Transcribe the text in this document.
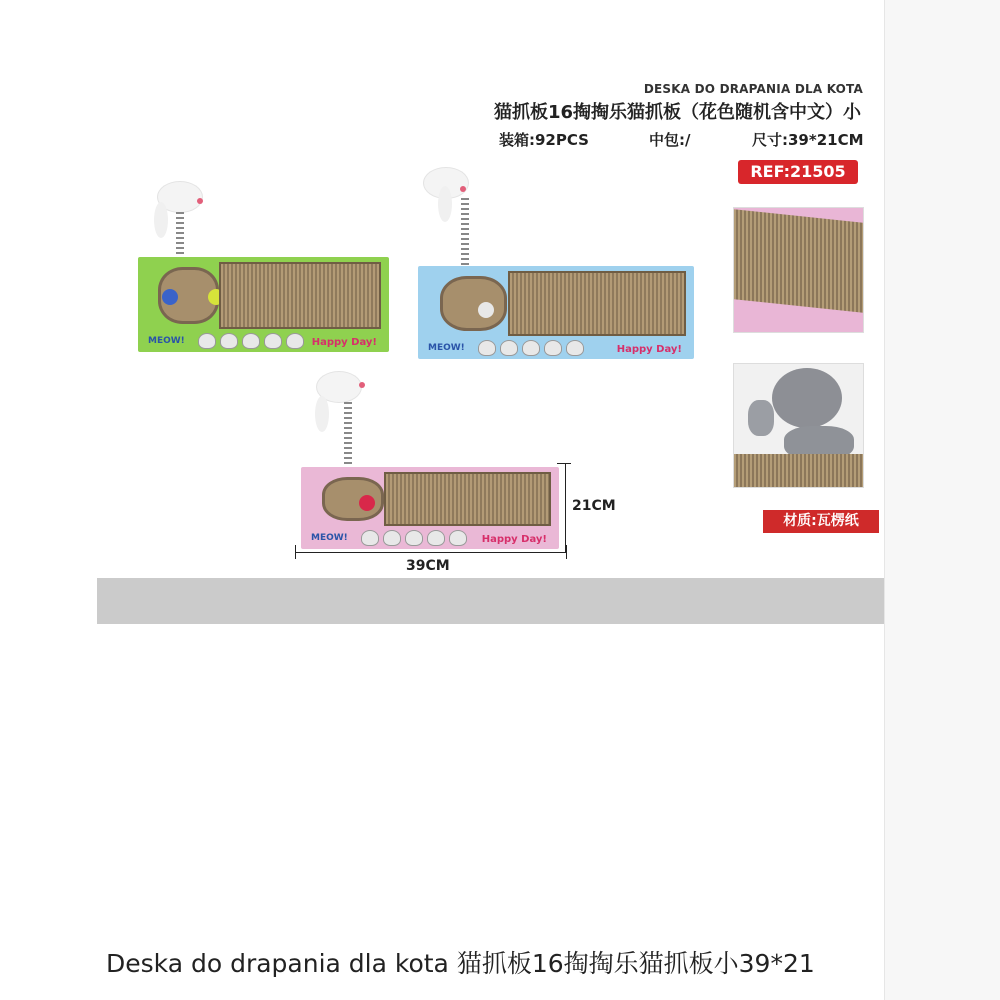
DESKA DO DRAPANIA DLA KOTA
猫抓板16掏掏乐猫抓板（花色随机含中文）小
装箱:92PCS	中包:/	尺寸:39*21CM
REF:21505
MEOW!	Happy Day!	MEOW!	Happy Day!
MEOW!	Happy Day!
39CM
21CM
材质:瓦楞纸
Deska do drapania dla kota 猫抓板16掏掏乐猫抓板小39*21
